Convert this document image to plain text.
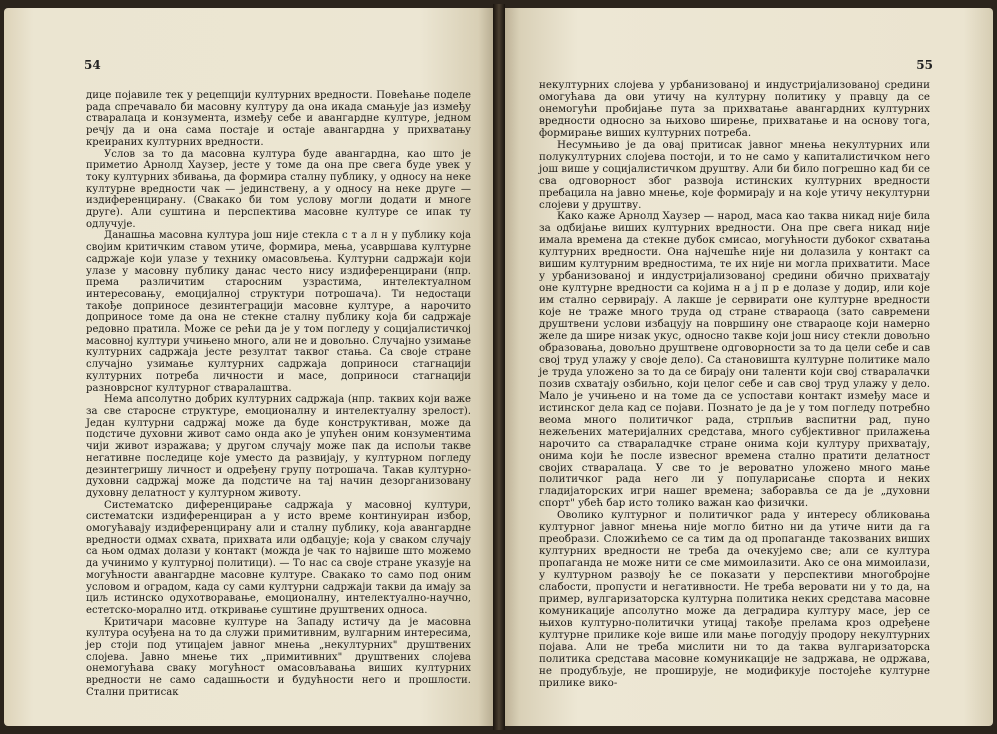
54

дице појавиле тек у рецепцији културних вредности. Повећање поделе рада спречавало би масовну културу да она икада смањује јаз између стваралаца и конзумента, између себе и авангардне културе, једном речју да и она сама постаје и остаје авангардна у прихватању креираних културних вредности.

Услов за то да масовна култура буде авангардна, као што је приметио Арнолд Хаузер, јесте у томе да она пре свега буде увек у току културних збивања, да формира сталну публику, у односу на неке културне вредности чак — јединствену, а у односу на неке друге — издиференцирану. (Свакако би том услову могли додати и многе друге). Али суштина и перспектива масовне културе се ипак ту одлучује.

Данашња масовна култура још није стекла с т а л н у публику која својим критичким ставом утиче, формира, мења, усавршава културне садржаје који улазе у технику омасовљења. Културни садржаји који улазе у масовну публику данас често нису издиференцирани (нпр. према различитим старосним узрастима, интелектуалном интересовању, емоцијалној структури потрошача). Ти недостаци такође доприносе дезинтеграцији масовне културе, а нарочито доприносе томе да она не стекне сталну публику која би садржаје редовно пратила. Може се рећи да је у том погледу у социјалистичкој масовној култури учињено много, али не и довољно. Случајно узимање културних садржаја јесте резултат таквог стања. Са своје стране случајно узимање културних садржаја доприноси стагнацији културних потреба личности и масе, доприноси стагнацији разноврсног културног стваралаштва.

Нема апсолутно добрих културних садржаја (нпр. таквих који важе за све старосне структуре, емоционалну и интелектуалну зрелост). Један културни садржај може да буде конструктиван, може да подстиче духовни живот само онда ако је упућен оним конзументима чији живот изражава; у другом случају може пак да испољи такве негативне последице које уместо да развијају, у културном погледу дезинтегришу личност и одређену групу потрошача. Такав културно-духовни садржај може да подстиче на тај начин дезорганизовану духовну делатност у културном животу.

Систематско диференцирање садржаја у масовној култури, систематски издиференциран а у исто време континуиран избор, омогућавају издиференцирану али и сталну публику, која авангардне вредности одмах схвата, прихвата или одбацује; која у сваком случају са њом одмах долази у контакт (можда је чак то највише што можемо да учинимо у културној политици). — То нас са своје стране указује на могућности авангардне масовне културе. Свакако то само под оним условом и оградом, када су сами културни садржаји такви да имају за циљ истинско одухотворавање, емоционалну, интелектуално-научно, естетско-морално итд. откривање суштине друштвених односа.

Критичари масовне културе на Западу истичу да је масовна култура осуђена на то да служи примитивним, вулгарним интересима, јер стоји под утицајем јавног мнења „некултурних" друштвених слојева. Јавно мнење тих „примитивних" друштвених слојева онемогућава сваку могућност омасовљавања виших културних вредности не само садашњости и будућности него и прошлости. Стални притисак

55

некултурних слојева у урбанизованој и индустријализованој средини омогућава да ови утичу на културну политику у правцу да се онемогући пробијање пута за прихватање авангардних културних вредности односно за њихово ширење, прихватање и на основу тога, формирање виших културних потреба.

Несумњиво је да овај притисак јавног мнења некултурних или полукултурних слојева постоји, и то не само у капиталистичком него још више у социјалистичком друштву. Али би било погрешно кад би се сва одговорност због развоја истинских културних вредности пребацила на јавно мнење, које формирају и на које утичу некултурни слојеви у друштву.

Како каже Арнолд Хаузер — народ, маса као таква никад није била за одбијање виших културних вредности. Она пре свега никад није имала времена да стекне дубок смисао, могућности дубоког схватања културних вредности. Она најчешће није ни долазила у контакт са вишим културним вредностима, те их није ни могла прихватити. Масе у урбанизованој и индустријализованој средини обично прихватају оне културне вредности са којима н а ј п р е долазе у додир, или које им стално сервирају. А лакше је сервирати оне културне вредности које не траже много труда од стране ствараоца (зато савремени друштвени услови избацују на површину оне ствараоце који намерно желе да шире низак укус, односно такве који још нису стекли довољно образовања, довољно друштвене одговорности за то да цели себе и сав свој труд улажу у своје дело). Са становишта културне политике мало је труда уложено за то да се бирају они таленти који свој стваралачки позив схватају озбиљно, који целог себе и сав свој труд улажу у дело. Мало је учињено и на томе да се успостави контакт између масе и истинског дела кад се појави. Познато је да је у том погледу потребно веома много политичког рада, стрпљив васпитни рад, пуно нежељених материјалних средстава, много субјективног прилажења нарочито са ствараладчке стране онима који културу прихватају, онима који ће после извесног времена стално пратити делатност својих стваралаца. У све то је вероватно уложено много мање политичког рада него ли у популарисање спорта и неких гладијаторских игри нашег времена; заборавља се да је „духовни спорт" убећ бар исто толико важан као физички.

Оволико културног и политичког рада у интересу обликовања културног јавног мнења није могло битно ни да утиче нити да га преобрази. Сложићемо се са тим да од пропаганде такозваних виших културних вредности не треба да очекујемо све; али се култура пропаганда не може нити се сме мимоилазити. Ако се она мимоилази, у културном развоју ће се показати у перспективи многобројне слабости, пропусти и негативности. Не треба веровати ни у то да, на пример, вулгаризаторска културна политика неких средстава масовне комуникације апсолутно може да деградира културу масе, јер се њихов културно-политички утицај такође прелама кроз одређене културне прилике које више или мање погодују продору некултурних појава. Али не треба мислити ни то да таква вулгаризаторска политика средстава масовне комуникације не задржава, не одржава, не продубљује, не проширује, не модификује постојеће културне прилике вико-
